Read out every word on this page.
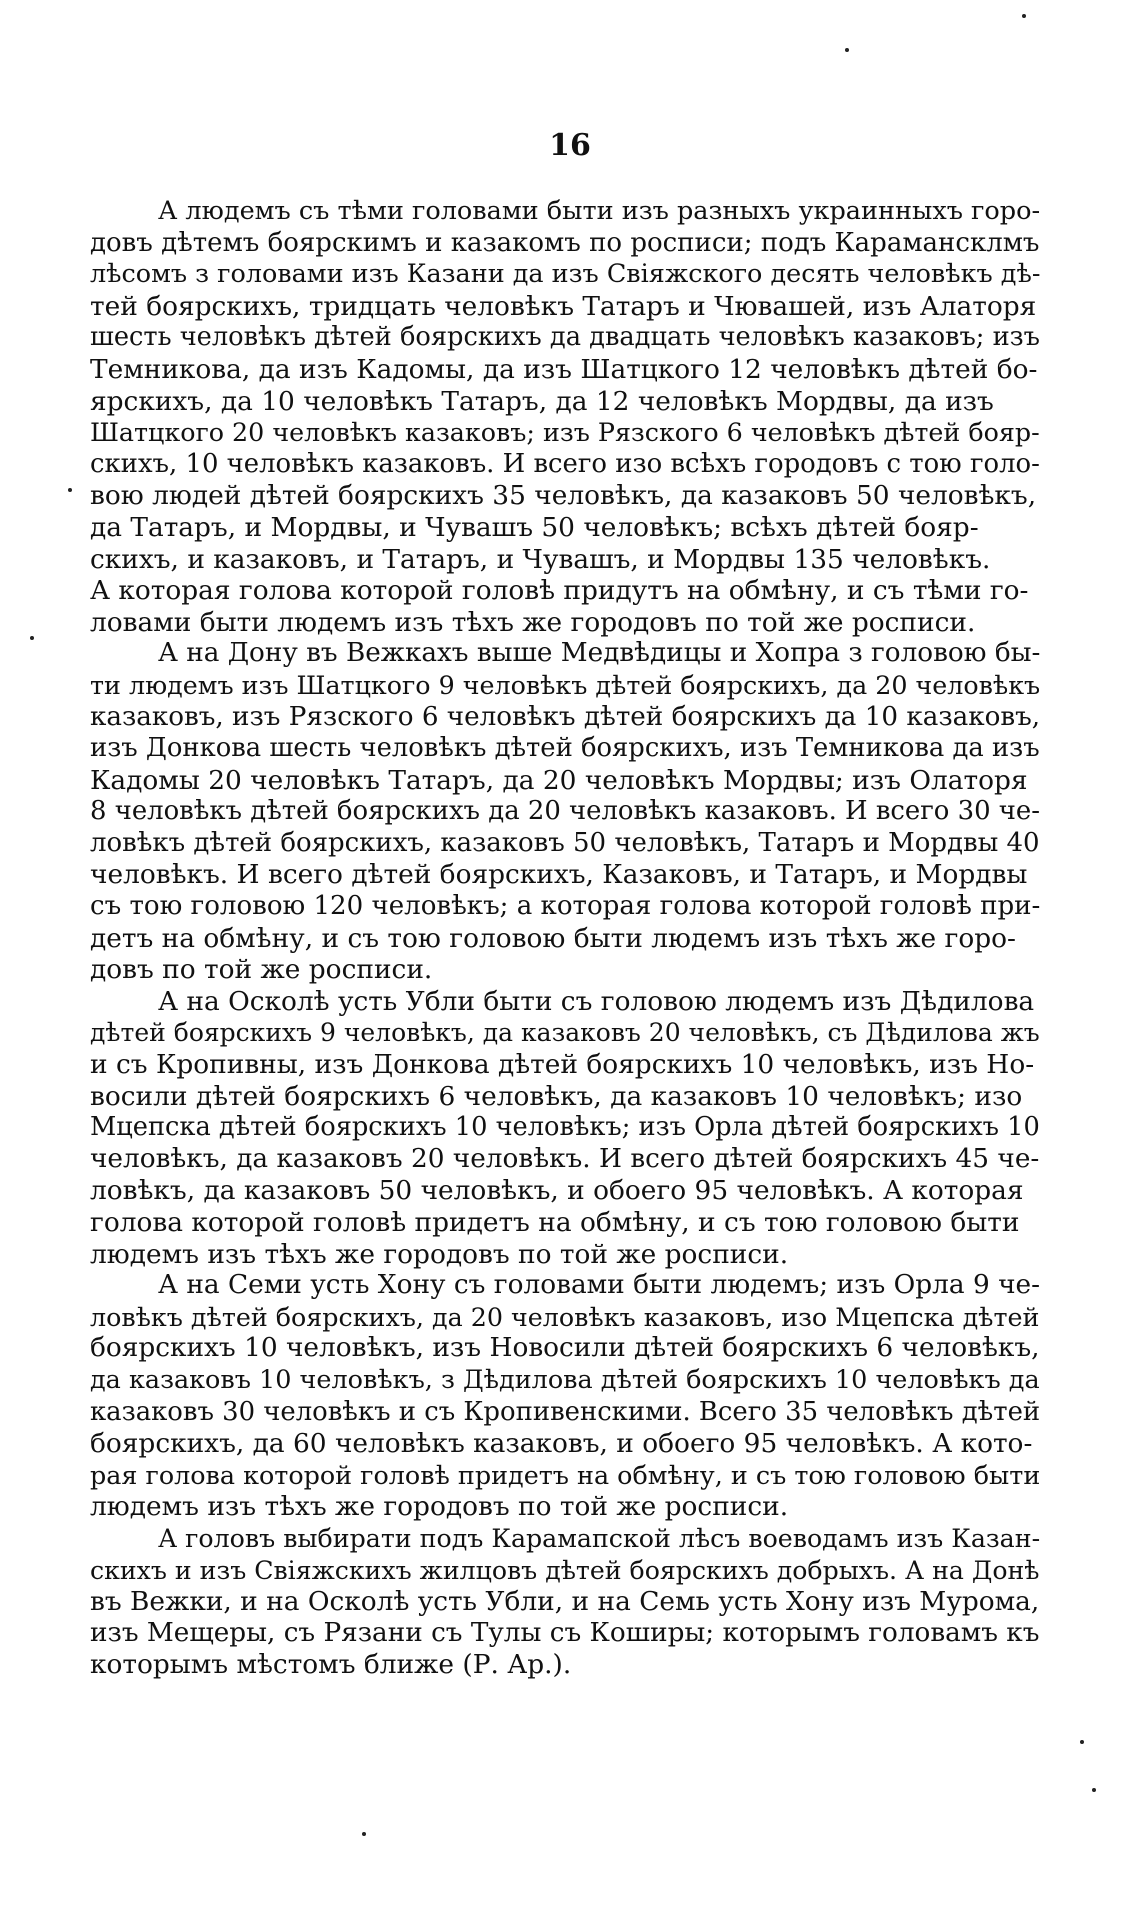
16
А людемъ съ тѣми головами быти изъ разныхъ украинныхъ горо-
довъ дѣтемъ боярскимъ и казакомъ по росписи; подъ Карамансклмъ
лѣсомъ з головами изъ Казани да изъ Свіяжского десять человѣкъ дѣ-
тей боярскихъ, тридцать человѣкъ Татаръ и Чювашей, изъ Алаторя
шесть человѣкъ дѣтей боярскихъ да двадцать человѣкъ казаковъ; изъ
Темникова, да изъ Кадомы, да изъ Шатцкого 12 человѣкъ дѣтей бо-
ярскихъ, да 10 человѣкъ Татаръ, да 12 человѣкъ Мордвы, да изъ
Шатцкого 20 человѣкъ казаковъ; изъ Рязского 6 человѣкъ дѣтей бояр-
скихъ, 10 человѣкъ казаковъ. И всего изо всѣхъ городовъ с тою голо-
вою людей дѣтей боярскихъ 35 человѣкъ, да казаковъ 50 человѣкъ,
да Татаръ, и Мордвы, и Чувашъ 50 человѣкъ; всѣхъ дѣтей бояр-
скихъ, и казаковъ, и Татаръ, и Чувашъ, и Мордвы 135 человѣкъ.
А которая голова которой головѣ придутъ на обмѣну, и съ тѣми го-
ловами быти людемъ изъ тѣхъ же городовъ по той же росписи.
А на Дону въ Вежкахъ выше Медвѣдицы и Хопра з головою бы-
ти людемъ изъ Шатцкого 9 человѣкъ дѣтей боярскихъ, да 20 человѣкъ
казаковъ, изъ Рязского 6 человѣкъ дѣтей боярскихъ да 10 казаковъ,
изъ Донкова шесть человѣкъ дѣтей боярскихъ, изъ Темникова да изъ
Кадомы 20 человѣкъ Татаръ, да 20 человѣкъ Мордвы; изъ Олаторя
8 человѣкъ дѣтей боярскихъ да 20 человѣкъ казаковъ. И всего 30 че-
ловѣкъ дѣтей боярскихъ, казаковъ 50 человѣкъ, Татаръ и Мордвы 40
человѣкъ. И всего дѣтей боярскихъ, Казаковъ, и Татаръ, и Мордвы
съ тою головою 120 человѣкъ; а которая голова которой головѣ при-
детъ на обмѣну, и съ тою головою быти людемъ изъ тѣхъ же горо-
довъ по той же росписи.
А на Осколѣ усть Убли быти съ головою людемъ изъ Дѣдилова
дѣтей боярскихъ 9 человѣкъ, да казаковъ 20 человѣкъ, съ Дѣдилова жъ
и съ Кропивны, изъ Донкова дѣтей боярскихъ 10 человѣкъ, изъ Но-
восили дѣтей боярскихъ 6 человѣкъ, да казаковъ 10 человѣкъ; изо
Мцепска дѣтей боярскихъ 10 человѣкъ; изъ Орла дѣтей боярскихъ 10
человѣкъ, да казаковъ 20 человѣкъ. И всего дѣтей боярскихъ 45 че-
ловѣкъ, да казаковъ 50 человѣкъ, и обоего 95 человѣкъ. А которая
голова которой головѣ придетъ на обмѣну, и съ тою головою быти
людемъ изъ тѣхъ же городовъ по той же росписи.
А на Семи усть Хону съ головами быти людемъ; изъ Орла 9 че-
ловѣкъ дѣтей боярскихъ, да 20 человѣкъ казаковъ, изо Мцепска дѣтей
боярскихъ 10 человѣкъ, изъ Новосили дѣтей боярскихъ 6 человѣкъ,
да казаковъ 10 человѣкъ, з Дѣдилова дѣтей боярскихъ 10 человѣкъ да
казаковъ 30 человѣкъ и съ Кропивенскими. Всего 35 человѣкъ дѣтей
боярскихъ, да 60 человѣкъ казаковъ, и обоего 95 человѣкъ. А кото-
рая голова которой головѣ придетъ на обмѣну, и съ тою головою быти
людемъ изъ тѣхъ же городовъ по той же росписи.
А головъ выбирати подъ Карамапской лѣсъ воеводамъ изъ Казан-
скихъ и изъ Свіяжскихъ жилцовъ дѣтей боярскихъ добрыхъ. А на Донѣ
въ Вежки, и на Осколѣ усть Убли, и на Семь усть Хону изъ Мурома,
изъ Мещеры, съ Рязани съ Тулы съ Коширы; которымъ головамъ къ
которымъ мѣстомъ ближе (Р. Ар.).
